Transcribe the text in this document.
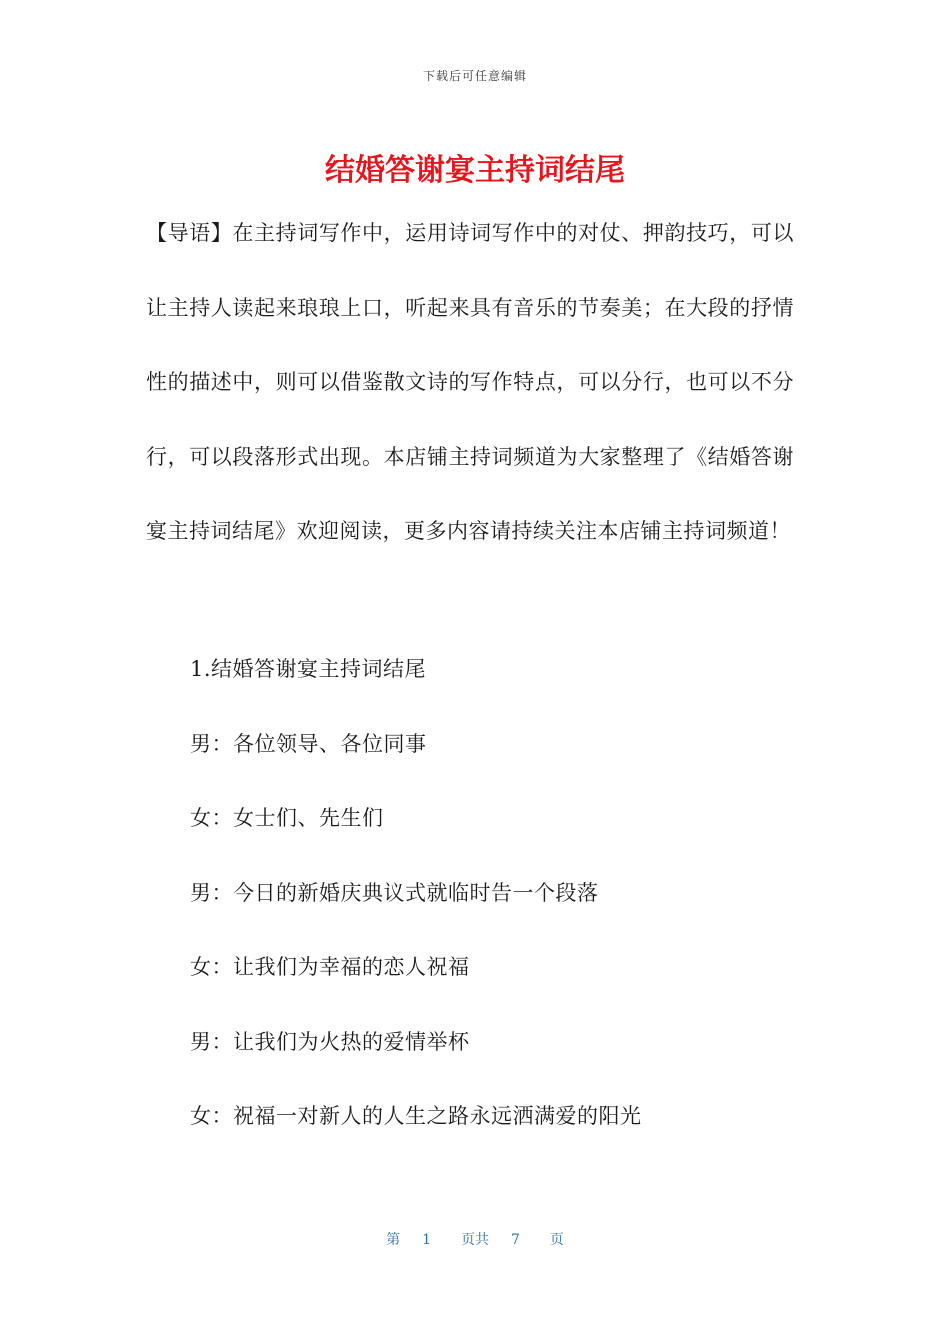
下载后可任意编辑
结婚答谢宴主持词结尾

【导语】在主持词写作中，运用诗词写作中的对仗、押韵技巧，可以让主持人读起来琅琅上口，听起来具有音乐的节奏美；在大段的抒情性的描述中，则可以借鉴散文诗的写作特点，可以分行，也可以不分行，可以段落形式出现。本店铺主持词频道为大家整理了《结婚答谢宴主持词结尾》欢迎阅读，更多内容请持续关注本店铺主持词频道！

1.结婚答谢宴主持词结尾
男：各位领导、各位同事
女：女士们、先生们
男：今日的新婚庆典议式就临时告一个段落
女：让我们为幸福的恋人祝福
男：让我们为火热的爱情举杯
女：祝福一对新人的人生之路永远洒满爱的阳光
第 1 页共 7 页
